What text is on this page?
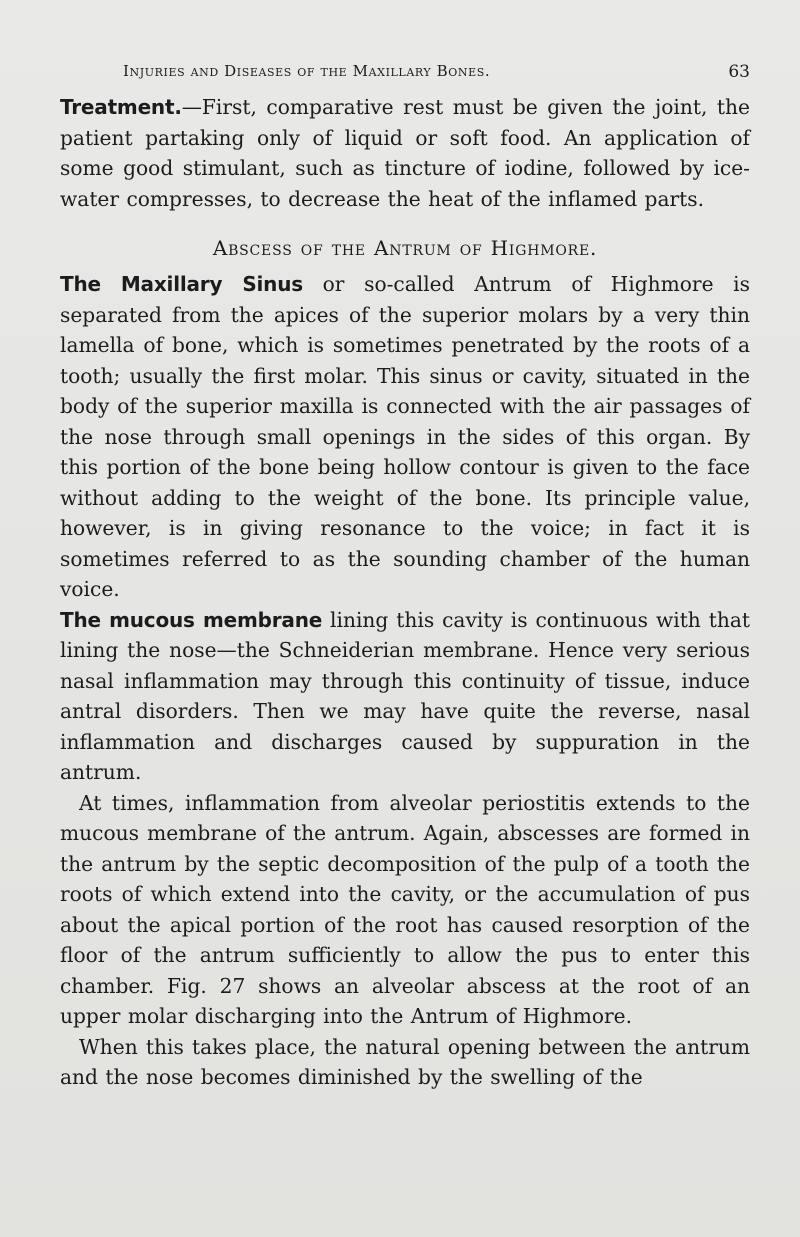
Injuries and Diseases of the Maxillary Bones.	63

Treatment.—First, comparative rest must be given the joint, the patient partaking only of liquid or soft food. An application of some good stimulant, such as tincture of iodine, followed by ice-water compresses, to decrease the heat of the inflamed parts.

Abscess of the Antrum of Highmore.

The Maxillary Sinus or so-called Antrum of Highmore is separated from the apices of the superior molars by a very thin lamella of bone, which is sometimes penetrated by the roots of a tooth; usually the first molar. This sinus or cavity, situated in the body of the superior maxilla is connected with the air passages of the nose through small openings in the sides of this organ. By this portion of the bone being hollow contour is given to the face without adding to the weight of the bone. Its principle value, however, is in giving resonance to the voice; in fact it is sometimes referred to as the sounding chamber of the human voice.

The mucous membrane lining this cavity is continuous with that lining the nose—the Schneiderian membrane. Hence very serious nasal inflammation may through this continuity of tissue, induce antral disorders. Then we may have quite the reverse, nasal inflammation and discharges caused by suppuration in the antrum.

At times, inflammation from alveolar periostitis extends to the mucous membrane of the antrum. Again, abscesses are formed in the antrum by the septic decomposition of the pulp of a tooth the roots of which extend into the cavity, or the accumulation of pus about the apical portion of the root has caused resorption of the floor of the antrum sufficiently to allow the pus to enter this chamber. Fig. 27 shows an alveolar abscess at the root of an upper molar discharging into the Antrum of Highmore.

When this takes place, the natural opening between the antrum and the nose becomes diminished by the swelling of the
